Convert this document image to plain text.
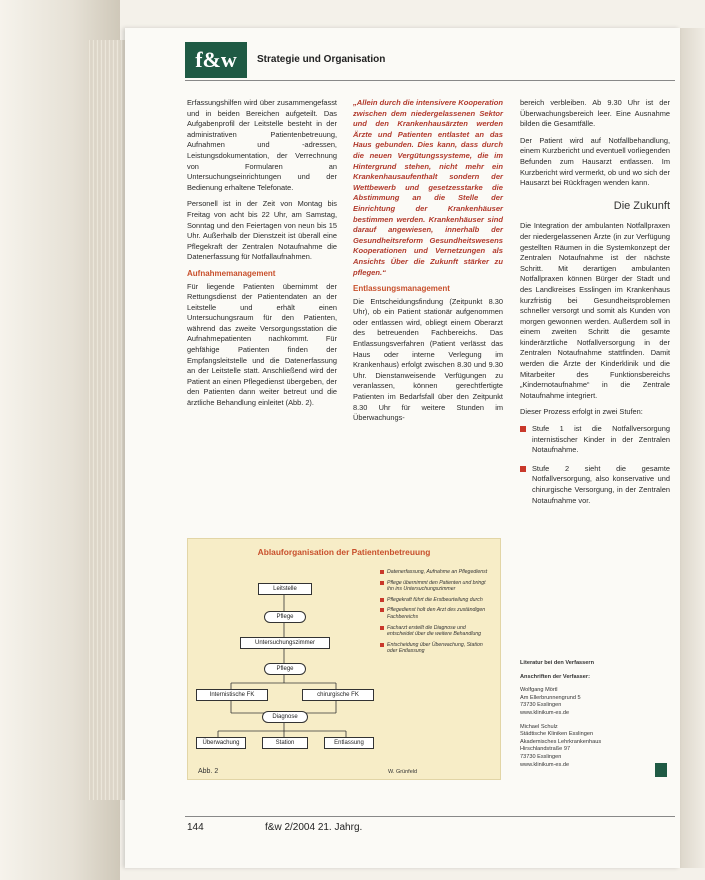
f&w	Strategie und Organisation

Erfassungshilfen wird über zusammengefasst und in beiden Bereichen aufgeteilt. Das Aufgabenprofil der Leitstelle besteht in der administrativen Patientenbetreuung, Aufnahmen und -adressen, Leistungsdokumentation, der Verrechnung von Formularen an Untersuchungseinrichtungen und der Bedienung erhaltene Telefonate.

Personell ist in der Zeit von Montag bis Freitag von acht bis 22 Uhr, am Samstag, Sonntag und den Feiertagen von neun bis 15 Uhr. Außerhalb der Dienstzeit ist überall eine Pflegekraft der Zentralen Notaufnahme die Datenerfassung für Notfallaufnahmen.

Aufnahmemanagement

Für liegende Patienten übernimmt der Rettungsdienst der Patientendaten an der Leitstelle und erhält einen Untersuchungsraum für den Patienten, während das zweite Versorgungsstation die Aufnahmepatienten nachkommt. Für gehfähige Patienten finden der Empfangsleitstelle und die Datenerfassung an der Leitstelle statt. Anschließend wird der Patient an einen Pflegedienst übergeben, der den Patienten dann weiter betreut und die ärztliche Behandlung einleitet (Abb. 2).

„Allein durch die intensivere Kooperation zwischen dem niedergelassenen Sektor und den Krankenhausärzten werden Ärzte und Patienten entlastet an das Haus gebunden. Dies kann, dass durch die neuen Vergütungssysteme, die im Hintergrund stehen, nicht mehr ein Krankenhausaufenthalt sondern der Wettbewerb und gesetzesstarke die Abstimmung an die Stelle der Einrichtung der Krankenhäuser bestimmen werden. Krankenhäuser sind darauf angewiesen, innerhalb der Gesundheitsreform Gesundheitswesens Kooperationen und Vernetzungen als Ansichts Über die Zukunft stärker zu pflegen.“

Entlassungsmanagement

Die Entscheidungsfindung (Zeitpunkt 8.30 Uhr), ob ein Patient stationär aufgenommen oder entlassen wird, obliegt einem Oberarzt des betreuenden Fachbereichs. Das Entlassungsverfahren (Patient verlässt das Haus oder interne Verlegung im Krankenhaus) erfolgt zwischen 8.30 und 9.30 Uhr. Dienstanweisende Verfügungen zu veranlassen, können gerechtfertigte Patienten im Bedarfsfall über den Zeitpunkt 8.30 Uhr für weitere Stunden im Überwachungs-

bereich verbleiben. Ab 9.30 Uhr ist der Überwachungsbereich leer. Eine Ausnahme bilden die Gesamtfälle.

Der Patient wird auf Notfallbehandlung, einem Kurzbericht und eventuell vorliegenden Befunden zum Hausarzt entlassen. Im Kurzbericht wird vermerkt, ob und wo sich der Hausarzt bei Rückfragen wenden kann.

Die Zukunft

Die Integration der ambulanten Notfallpraxen der niedergelassenen Ärzte (in zur Verfügung gestellten Räumen in die Systemkonzept der Zentralen Notaufnahme ist der nächste Schritt. Mit derartigen ambulanten Notfallpraxen können Bürger der Stadt und des Landkreises Esslingen im Krankenhaus kurzfristig bei Gesundheitsproblemen schneller versorgt und somit als Kunden von morgen gewonnen werden. Außerdem soll in einem zweiten Schritt die gesamte kinderärztliche Notfallversorgung in der Zentralen Notaufnahme stattfinden. Damit werden die Ärzte der Kinderklinik und die Mitarbeiter des Funktionsbereichs „Kindernotaufnahme“ in die Zentrale Notaufnahme integriert.

Dieser Prozess erfolgt in zwei Stufen:

Stufe 1 ist die Notfallversorgung internistischer Kinder in der Zentralen Notaufnahme.
Stufe 2 sieht die gesamte Notfallversorgung, also konservative und chirurgische Versorgung, in der Zentralen Notaufnahme vor.
Literatur bei den Verfassern
Anschriften der Verfasser:
Wolfgang Mörtl
Am Ellerbrunnengrund 5
73730 Esslingen
www.klinikum-es.de
Michael Schulz
Städtische Kliniken Esslingen
Akademisches Lehrkrankenhaus
Hirschlandstraße 97
73730 Esslingen
www.klinikum-es.de
Ablauforganisation der Patientenbetreuung
Leitstelle
Pflege
Untersuchungszimmer
Pflege
Internistische FK	chirurgische FK
Diagnose
Überwachung	Station	Entlassung
Datenerfassung, Aufnahme an Pflegedienst
Pflege übernimmt den Patienten und bringt ihn ins Untersuchungszimmer
Pflegekraft führt die Erstbeurteilung durch
Pflegedienst holt den Arzt des zuständigen Fachbereichs
Facharzt erstellt die Diagnose und entscheidet über die weitere Behandlung
Entscheidung über Überwachung, Station oder Entlassung
Abb. 2	W. Grünfeld
144	f&w 2/2004 21. Jahrg.
